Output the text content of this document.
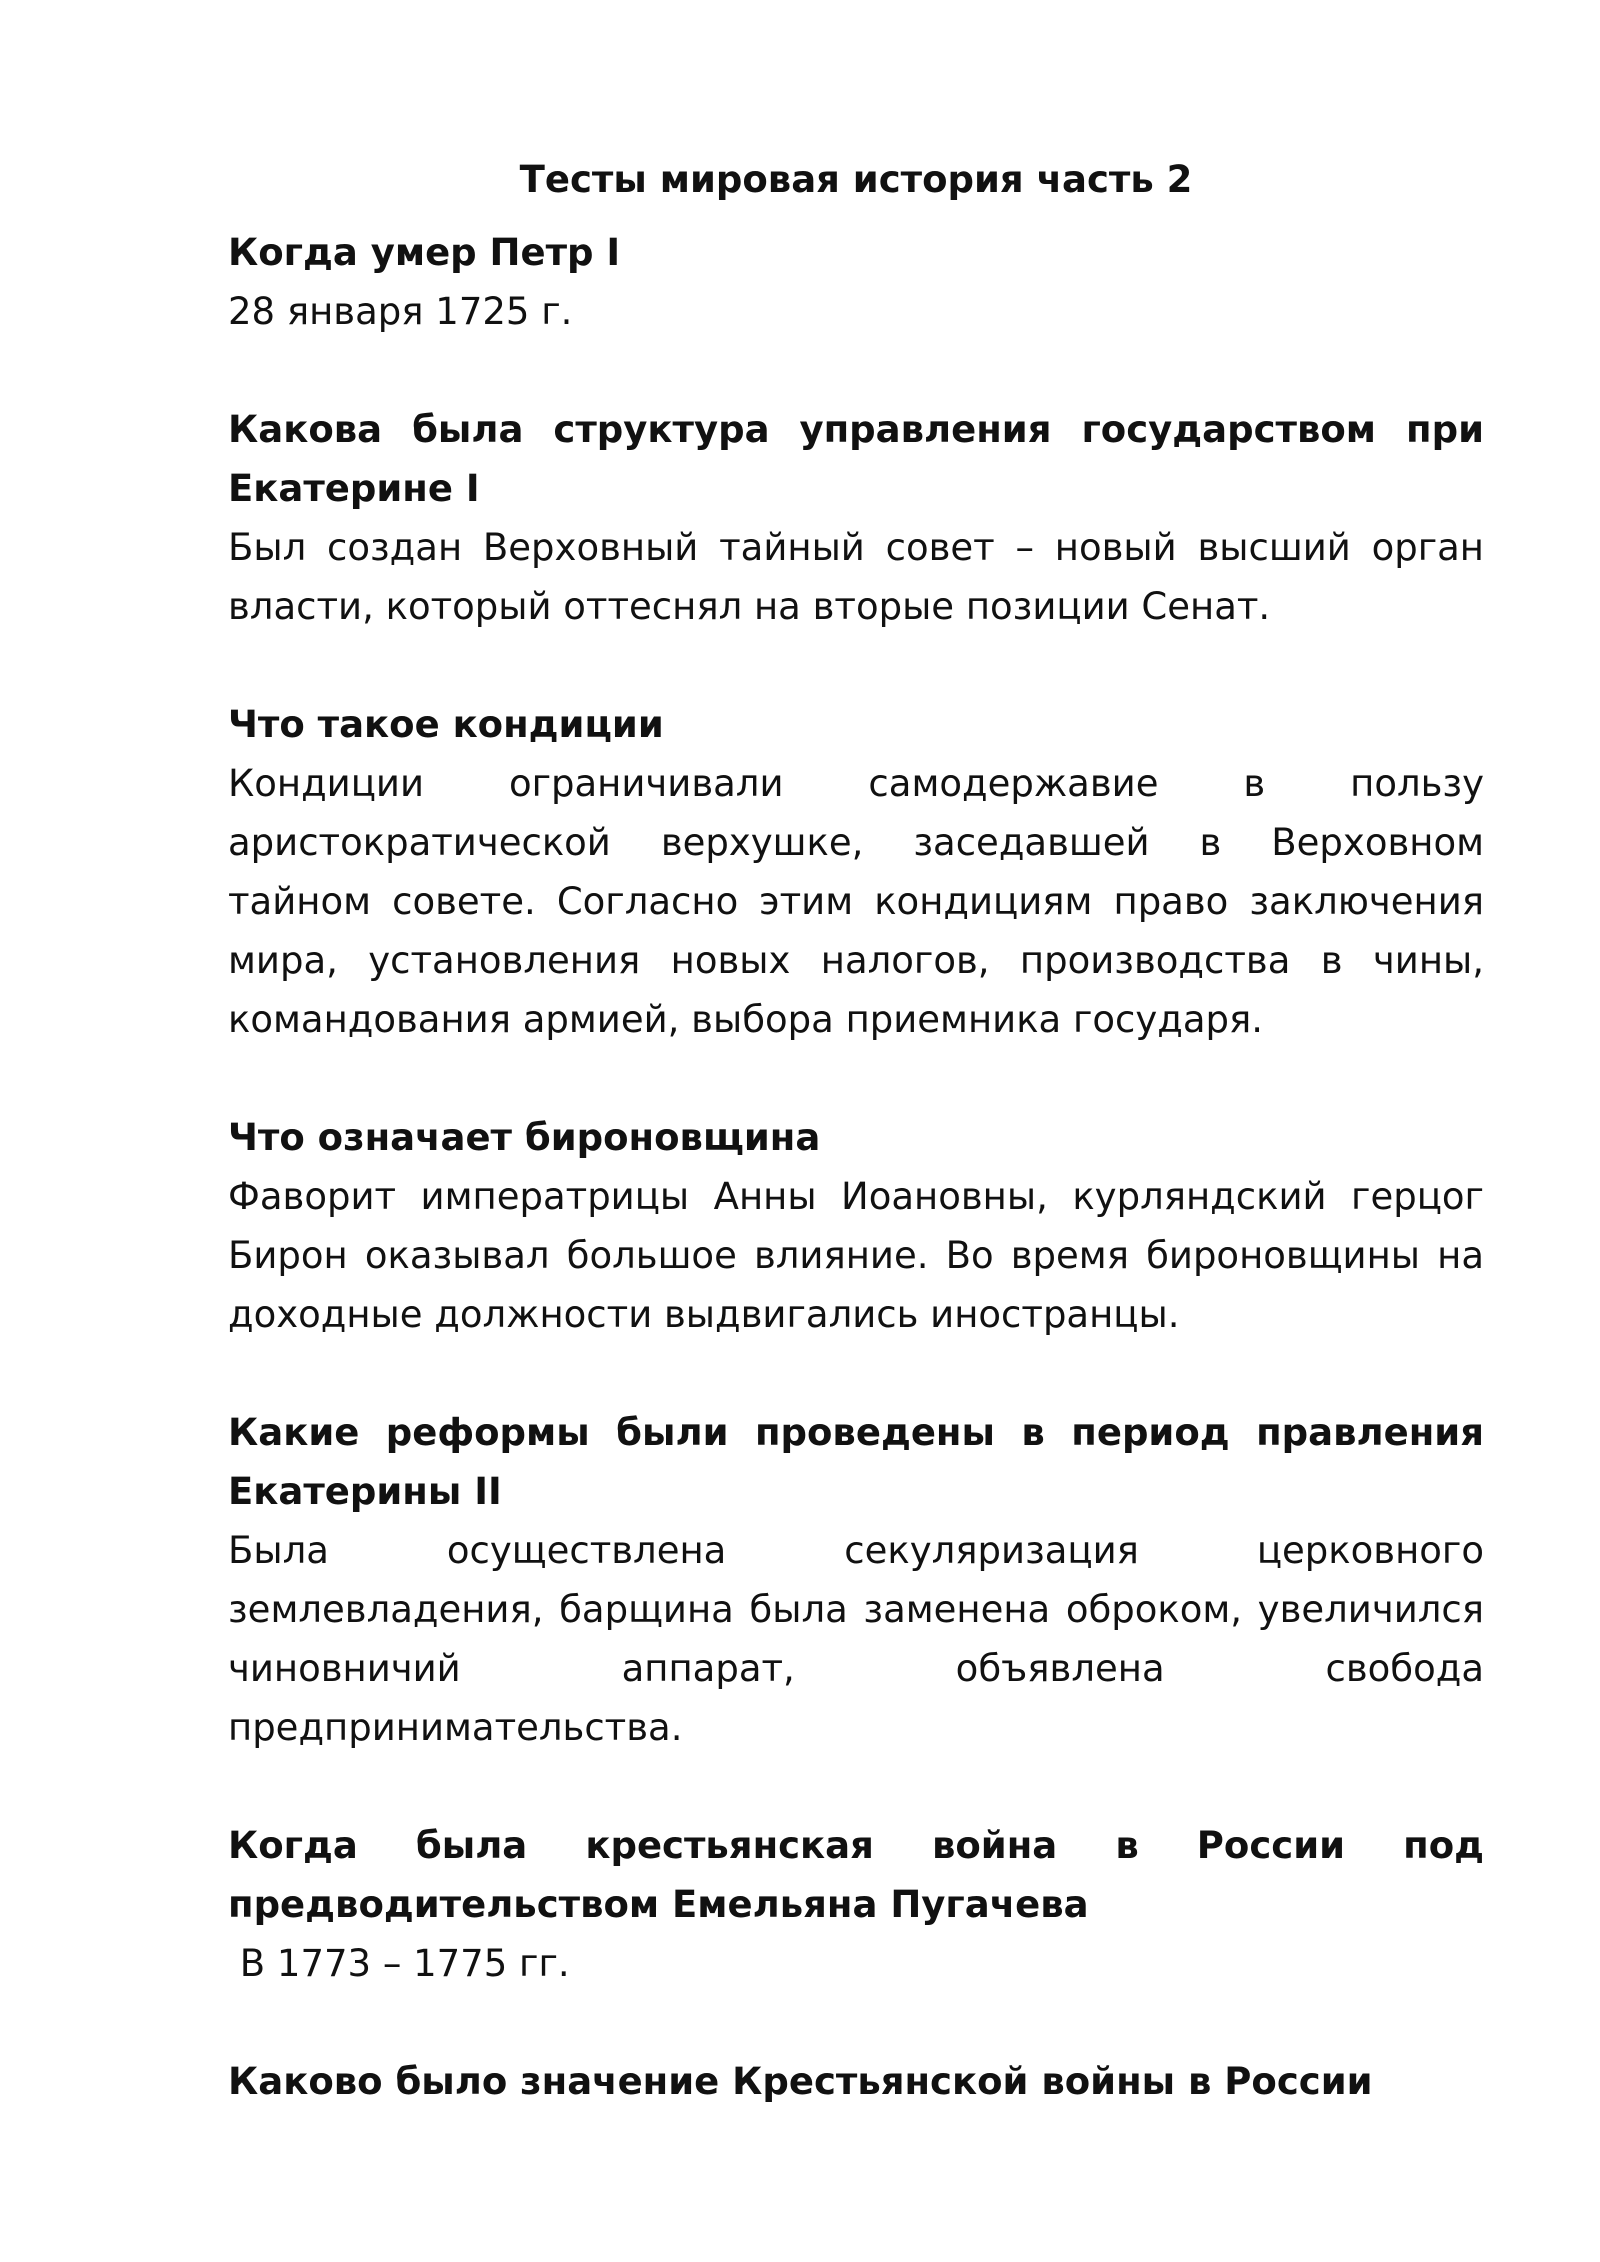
Тесты мировая история часть 2

Когда умер Петр I

28 января 1725 г.

Какова была структура управления государством при Екатерине I

Был создан Верховный тайный совет – новый высший орган власти, который оттеснял на вторые позиции Сенат.

Что такое кондиции

Кондиции ограничивали самодержавие в пользу аристократической верхушке, заседавшей в Верховном тайном совете. Согласно этим кондициям право заключения мира, установления новых налогов, производства в чины, командования армией, выбора приемника государя.

Что означает бироновщина

Фаворит императрицы Анны Иоановны, курляндский герцог Бирон оказывал большое влияние. Во время бироновщины на доходные должности выдвигались иностранцы.

Какие реформы были проведены в период правления Екатерины II

Была осуществлена секуляризация церковного землевладения, барщина была заменена оброком, увеличился чиновничий аппарат, объявлена свобода предпринимательства.

Когда была крестьянская война в России под предводительством Емельяна Пугачева

В 1773 – 1775 гг.

Каково было значение Крестьянской войны в России
